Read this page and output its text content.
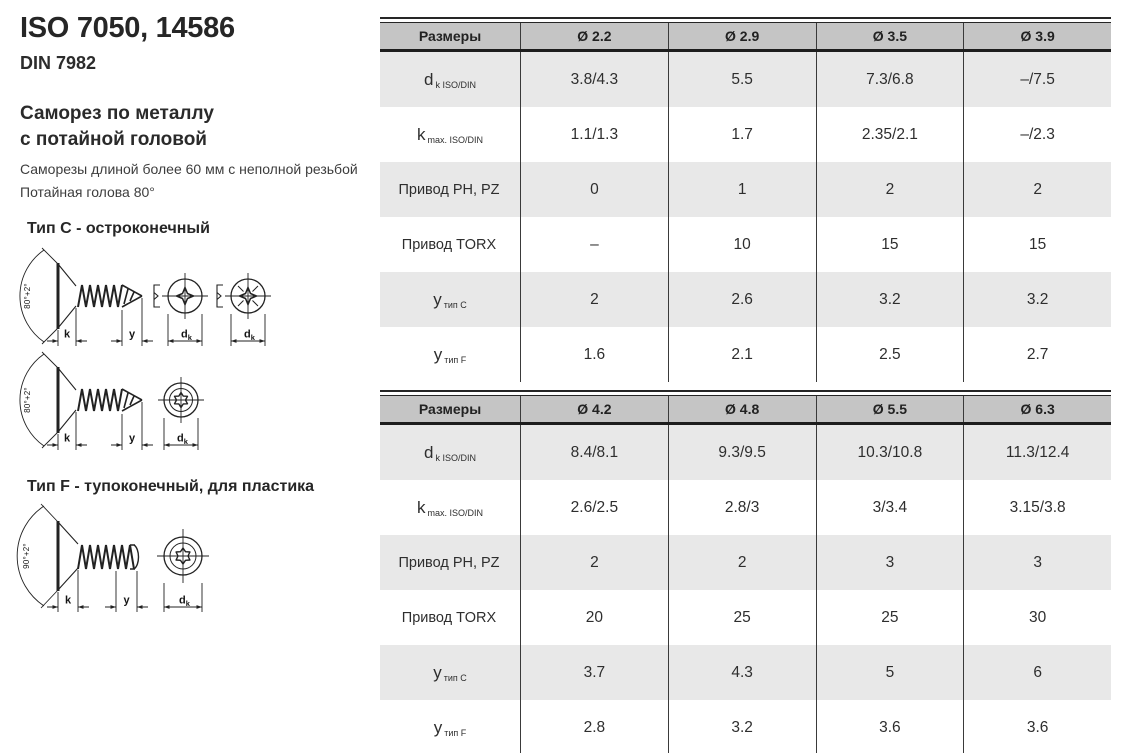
ISO 7050, 14586
DIN 7982
Саморез по металлу
с потайной головой
Саморезы длиной более 60 мм с неполной резьбой
Потайная голова 80°
Тип C - остроконечный
Тип F - тупоконечный, для пластика
80°+2°
k	y	$d_k$	$d_k$
80°+2°
k	y	$d_k$
90°+2°
k	y	$d_k$
Размеры	Ø 2.2	Ø 2.9	Ø 3.5	Ø 3.9
d k ISO/DIN	3.8/4.3	5.5	7.3/6.8	–/7.5
k max. ISO/DIN	1.1/1.3	1.7	2.35/2.1	–/2.3
Привод PH, PZ	0	1	2	2
Привод TORX	–	10	15	15
y тип C	2	2.6	3.2	3.2
y тип F	1.6	2.1	2.5	2.7
Размеры	Ø 4.2	Ø 4.8	Ø 5.5	Ø 6.3
d k ISO/DIN	8.4/8.1	9.3/9.5	10.3/10.8	11.3/12.4
k max. ISO/DIN	2.6/2.5	2.8/3	3/3.4	3.15/3.8
Привод PH, PZ	2	2	3	3
Привод TORX	20	25	25	30
y тип C	3.7	4.3	5	6
y тип F	2.8	3.2	3.6	3.6
